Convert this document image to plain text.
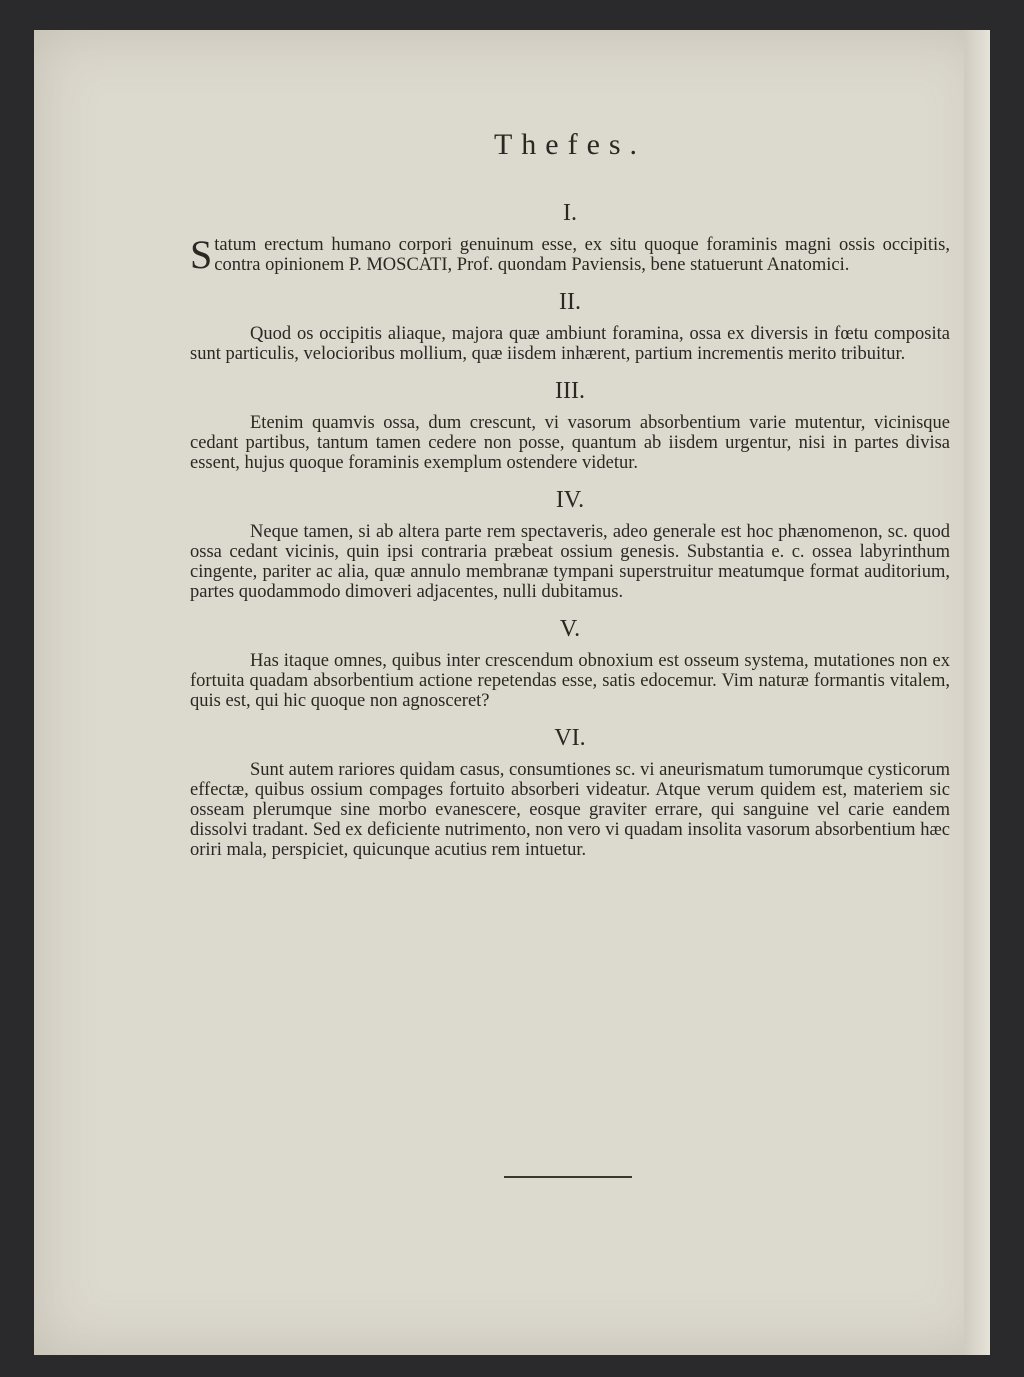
Thefes.
I.

Statum erectum humano corpori genuinum esse, ex situ quoque foraminis magni ossis occipitis, contra opinionem P. MOSCATI, Prof. quondam Paviensis, bene statuerunt Anatomici.

II.

Quod os occipitis aliaque, majora quæ ambiunt foramina, ossa ex diversis in fœtu composita sunt particulis, velocioribus mollium, quæ iisdem inhærent, partium incrementis merito tribuitur.

III.

Etenim quamvis ossa, dum crescunt, vi vasorum absorbentium varie mutentur, vicinisque cedant partibus, tantum tamen cedere non posse, quantum ab iisdem urgentur, nisi in partes divisa essent, hujus quoque foraminis exemplum ostendere videtur.

IV.

Neque tamen, si ab altera parte rem spectaveris, adeo generale est hoc phænomenon, sc. quod ossa cedant vicinis, quin ipsi contraria præbeat ossium genesis. Substantia e. c. ossea labyrinthum cingente, pariter ac alia, quæ annulo membranæ tympani superstruitur meatumque format auditorium, partes quodammodo dimoveri adjacentes, nulli dubitamus.

V.

Has itaque omnes, quibus inter crescendum obnoxium est osseum systema, mutationes non ex fortuita quadam absorbentium actione repetendas esse, satis edocemur. Vim naturæ formantis vitalem, quis est, qui hic quoque non agnosceret?

VI.

Sunt autem rariores quidam casus, consumtiones sc. vi aneurismatum tumorumque cysticorum effectæ, quibus ossium compages fortuito absorberi videatur. Atque verum quidem est, materiem sic osseam plerumque sine morbo evanescere, eosque graviter errare, qui sanguine vel carie eandem dissolvi tradant. Sed ex deficiente nutrimento, non vero vi quadam insolita vasorum absorbentium hæc oriri mala, perspiciet, quicunque acutius rem intuetur.
